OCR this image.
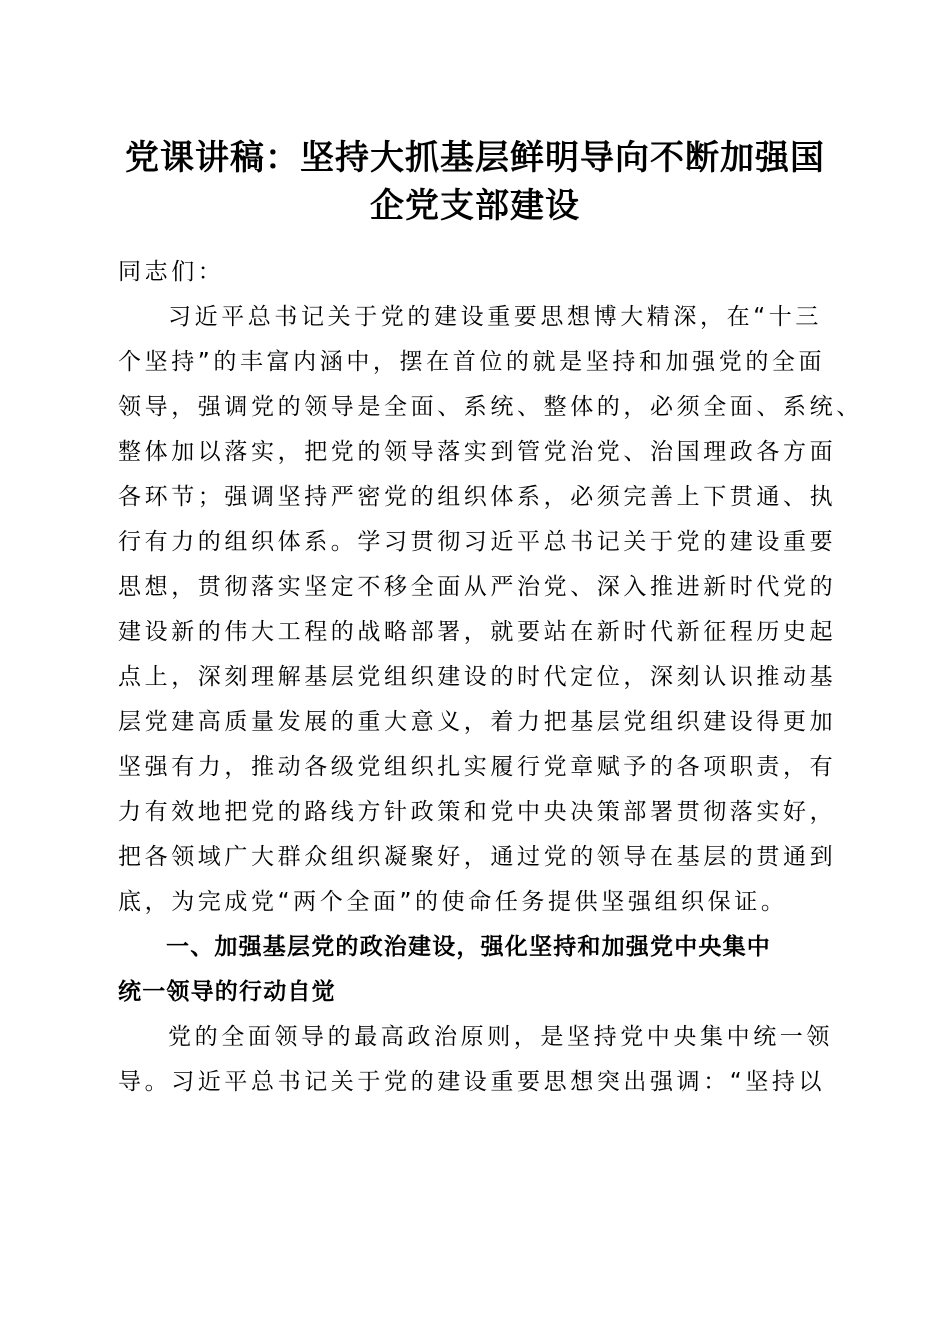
党课讲稿：坚持大抓基层鲜明导向不断加强国
企党支部建设

同志们：

习近平总书记关于党的建设重要思想博大精深，在“十三
个坚持”的丰富内涵中，摆在首位的就是坚持和加强党的全面
领导，强调党的领导是全面、系统、整体的，必须全面、系统、
整体加以落实，把党的领导落实到管党治党、治国理政各方面
各环节；强调坚持严密党的组织体系，必须完善上下贯通、执
行有力的组织体系。学习贯彻习近平总书记关于党的建设重要
思想，贯彻落实坚定不移全面从严治党、深入推进新时代党的
建设新的伟大工程的战略部署，就要站在新时代新征程历史起
点上，深刻理解基层党组织建设的时代定位，深刻认识推动基
层党建高质量发展的重大意义，着力把基层党组织建设得更加
坚强有力，推动各级党组织扎实履行党章赋予的各项职责，有
力有效地把党的路线方针政策和党中央决策部署贯彻落实好，
把各领域广大群众组织凝聚好，通过党的领导在基层的贯通到
底，为完成党“两个全面”的使命任务提供坚强组织保证。

一、加强基层党的政治建设，强化坚持和加强党中央集中
统一领导的行动自觉

党的全面领导的最高政治原则，是坚持党中央集中统一领
导。习近平总书记关于党的建设重要思想突出强调：“坚持以
